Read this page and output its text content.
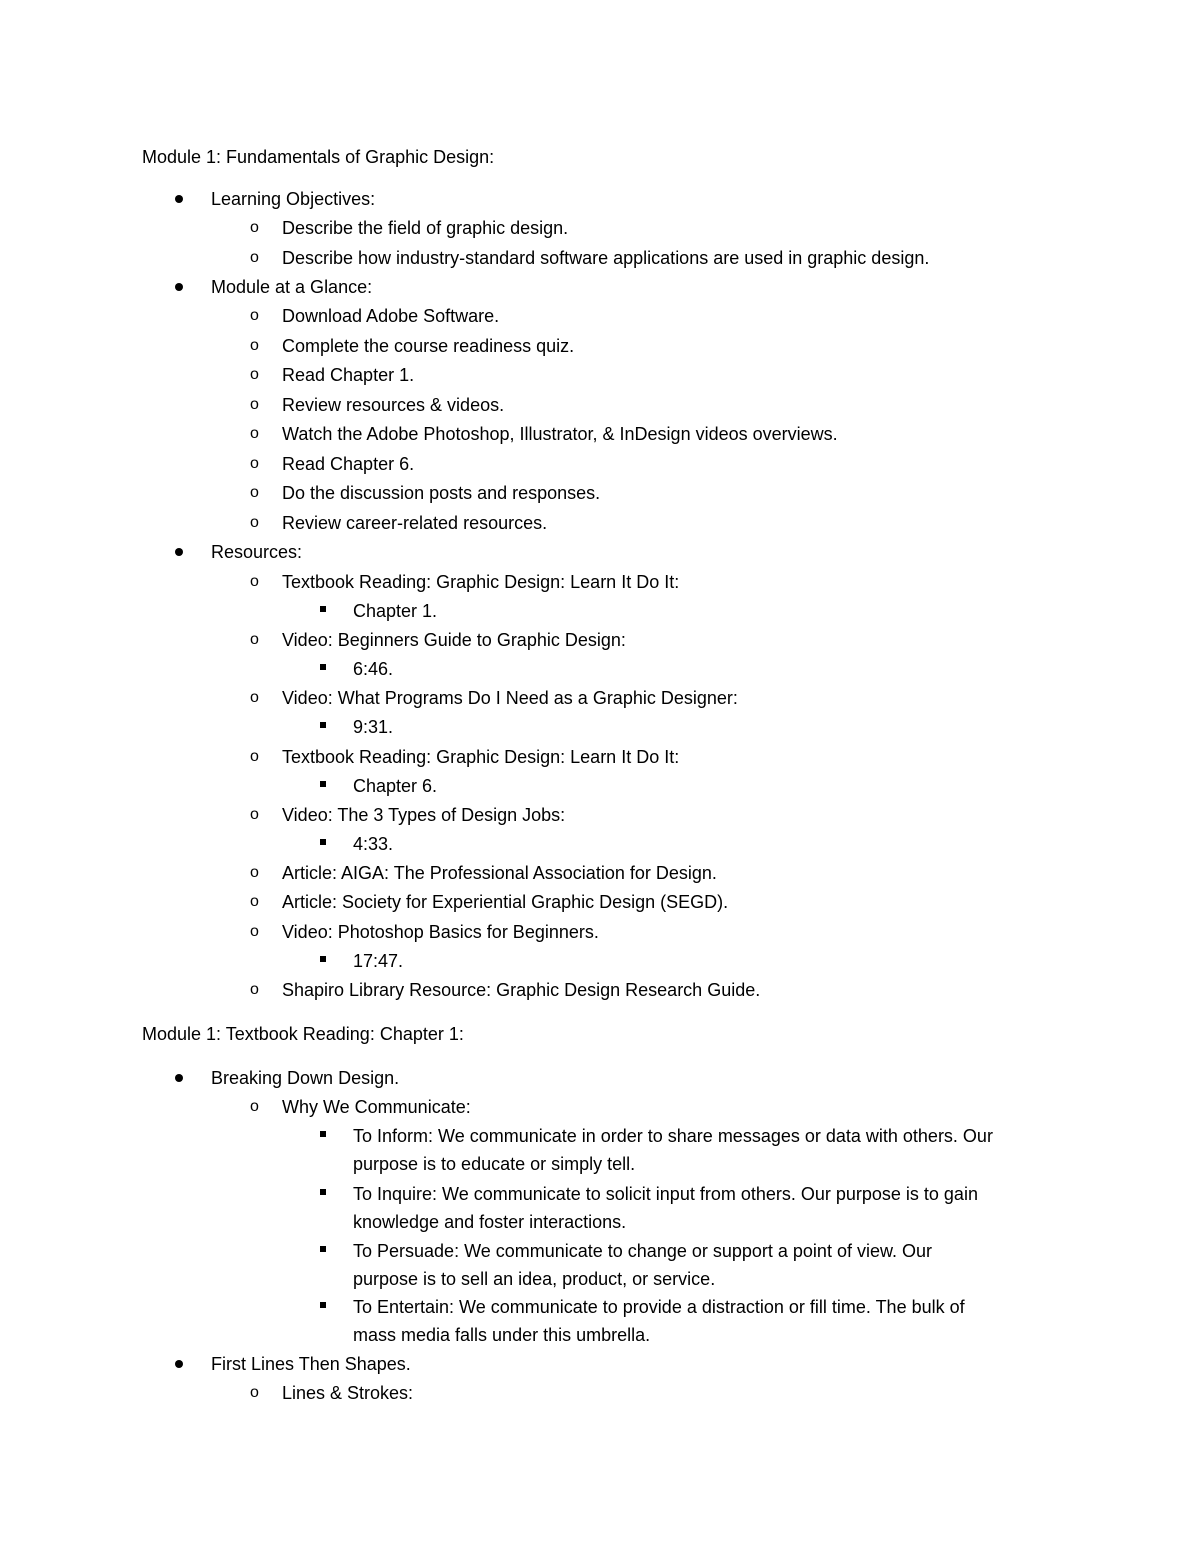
Module 1: Fundamentals of Graphic Design:
Learning Objectives:
o Describe the field of graphic design.
o Describe how industry-standard software applications are used in graphic design.
Module at a Glance:
o Download Adobe Software.
o Complete the course readiness quiz.
o Read Chapter 1.
o Review resources & videos.
o Watch the Adobe Photoshop, Illustrator, & InDesign videos overviews.
o Read Chapter 6.
o Do the discussion posts and responses.
o Review career-related resources.
Resources:
o Textbook Reading: Graphic Design: Learn It Do It:
Chapter 1.
o Video: Beginners Guide to Graphic Design:
6:46.
o Video: What Programs Do I Need as a Graphic Designer:
9:31.
o Textbook Reading: Graphic Design: Learn It Do It:
Chapter 6.
o Video: The 3 Types of Design Jobs:
4:33.
o Article: AIGA: The Professional Association for Design.
o Article: Society for Experiential Graphic Design (SEGD).
o Video: Photoshop Basics for Beginners.
17:47.
o Shapiro Library Resource: Graphic Design Research Guide.
Module 1: Textbook Reading: Chapter 1:
Breaking Down Design.
o Why We Communicate:
To Inform: We communicate in order to share messages or data with others. Our
purpose is to educate or simply tell.
To Inquire: We communicate to solicit input from others. Our purpose is to gain
knowledge and foster interactions.
To Persuade: We communicate to change or support a point of view. Our
purpose is to sell an idea, product, or service.
To Entertain: We communicate to provide a distraction or fill time. The bulk of
mass media falls under this umbrella.
First Lines Then Shapes.
o Lines & Strokes:
